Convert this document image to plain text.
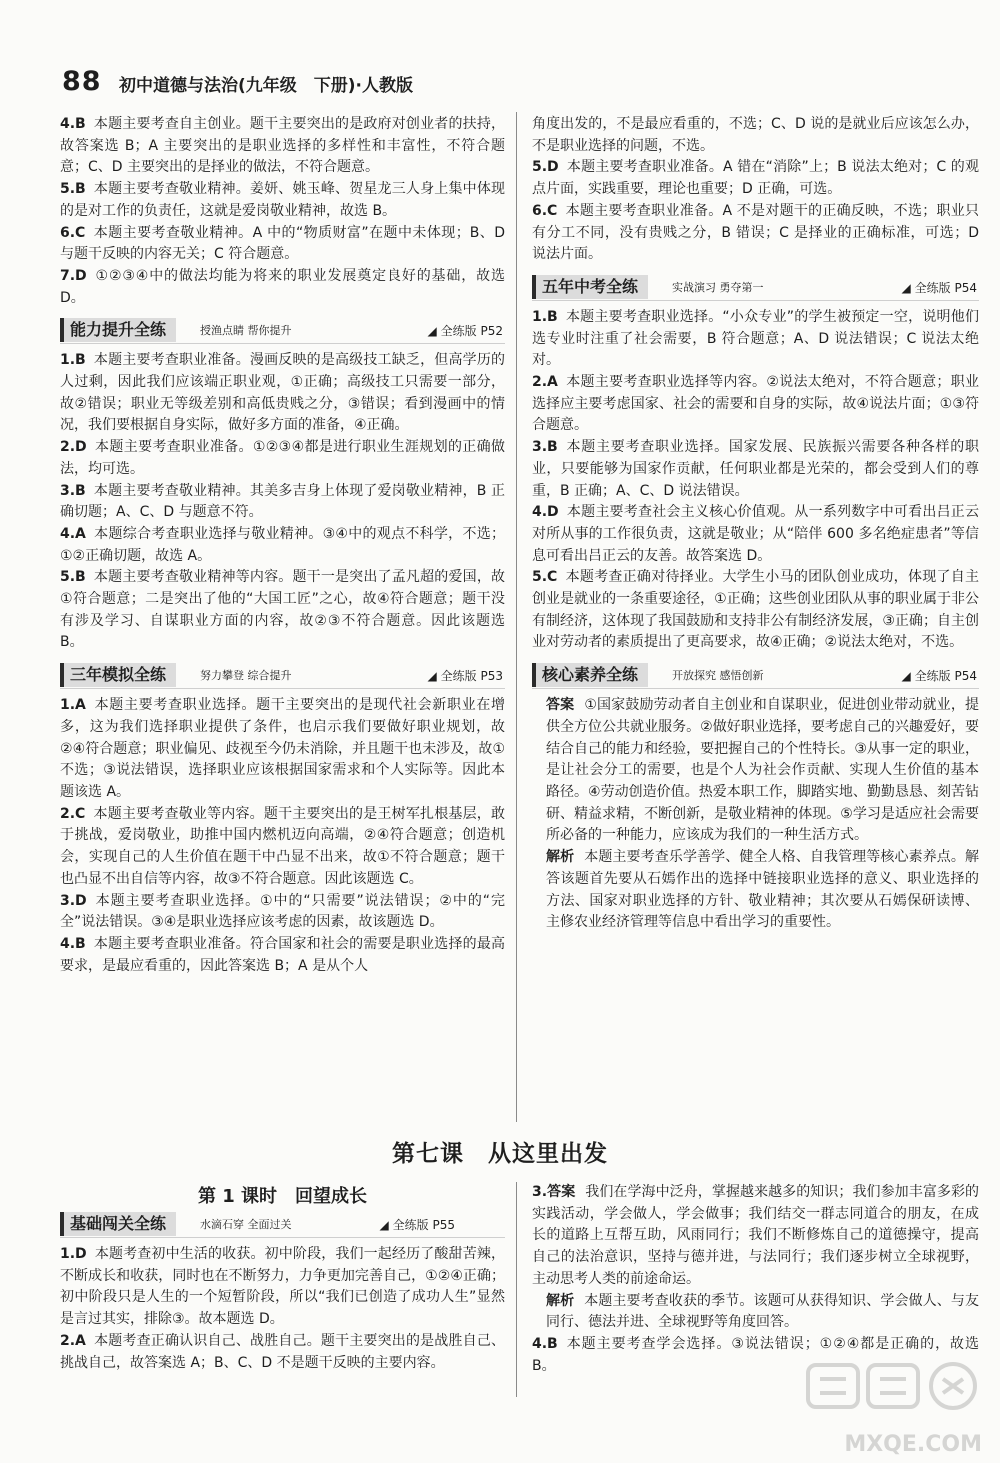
88 初中道德与法治(九年级　下册)·人教版

4.B 本题主要考查自主创业。题干主要突出的是政府对创业者的扶持，故答案选 B；A 主要突出的是职业选择的多样性和丰富性，不符合题意；C、D 主要突出的是择业的做法，不符合题意。

5.B 本题主要考查敬业精神。姜妍、姚玉峰、贺星龙三人身上集中体现的是对工作的负责任，这就是爱岗敬业精神，故选 B。

6.C 本题主要考查敬业精神。A 中的“物质财富”在题中未体现；B、D 与题干反映的内容无关；C 符合题意。

7.D ①②③④中的做法均能为将来的职业发展奠定良好的基础，故选 D。

能力提升全练	授渔点睛 帮你提升	◢ 全练版 P52

1.B 本题主要考查职业准备。漫画反映的是高级技工缺乏，但高学历的人过剩，因此我们应该端正职业观，①正确；高级技工只需要一部分，故②错误；职业无等级差别和高低贵贱之分，③错误；看到漫画中的情况，我们要根据自身实际，做好多方面的准备，④正确。

2.D 本题主要考查职业准备。①②③④都是进行职业生涯规划的正确做法，均可选。

3.B 本题主要考查敬业精神。其美多吉身上体现了爱岗敬业精神，B 正确切题；A、C、D 与题意不符。

4.A 本题综合考查职业选择与敬业精神。③④中的观点不科学，不选；①②正确切题，故选 A。

5.B 本题主要考查敬业精神等内容。题干一是突出了孟凡超的爱国，故①符合题意；二是突出了他的“大国工匠”之心，故④符合题意；题干没有涉及学习、自谋职业方面的内容，故②③不符合题意。因此该题选 B。

三年模拟全练	努力攀登 综合提升	◢ 全练版 P53

1.A 本题主要考查职业选择。题干主要突出的是现代社会新职业在增多，这为我们选择职业提供了条件，也启示我们要做好职业规划，故②④符合题意；职业偏见、歧视至今仍未消除，并且题干也未涉及，故①不选；③说法错误，选择职业应该根据国家需求和个人实际等。因此本题该选 A。

2.C 本题主要考查敬业等内容。题干主要突出的是王树军扎根基层，敢于挑战，爱岗敬业，助推中国内燃机迈向高端，②④符合题意；创造机会，实现自己的人生价值在题干中凸显不出来，故①不符合题意；题干也凸显不出自信等内容，故③不符合题意。因此该题选 C。

3.D 本题主要考查职业选择。①中的“只需要”说法错误；②中的“完全”说法错误。③④是职业选择应该考虑的因素，故该题选 D。

4.B 本题主要考查职业准备。符合国家和社会的需要是职业选择的最高要求，是最应看重的，因此答案选 B；A 是从个人

角度出发的，不是最应看重的，不选；C、D 说的是就业后应该怎么办，不是职业选择的问题，不选。

5.D 本题主要考查职业准备。A 错在“消除”上；B 说法太绝对；C 的观点片面，实践重要，理论也重要；D 正确，可选。

6.C 本题主要考查职业准备。A 不是对题干的正确反映，不选；职业只有分工不同，没有贵贱之分，B 错误；C 是择业的正确标准，可选；D 说法片面。

五年中考全练	实战演习 勇夺第一	◢ 全练版 P54

1.B 本题主要考查职业选择。“小众专业”的学生被预定一空，说明他们选专业时注重了社会需要，B 符合题意；A、D 说法错误；C 说法太绝对。

2.A 本题主要考查职业选择等内容。②说法太绝对，不符合题意；职业选择应主要考虑国家、社会的需要和自身的实际，故④说法片面；①③符合题意。

3.B 本题主要考查职业选择。国家发展、民族振兴需要各种各样的职业，只要能够为国家作贡献，任何职业都是光荣的，都会受到人们的尊重，B 正确；A、C、D 说法错误。

4.D 本题主要考查社会主义核心价值观。从一系列数字中可看出吕正云对所从事的工作很负责，这就是敬业；从“陪伴 600 多名绝症患者”等信息可看出吕正云的友善。故答案选 D。

5.C 本题考查正确对待择业。大学生小马的团队创业成功，体现了自主创业是就业的一条重要途径，①正确；这些创业团队从事的职业属于非公有制经济，这体现了我国鼓励和支持非公有制经济发展，③正确；自主创业对劳动者的素质提出了更高要求，故④正确；②说法太绝对，不选。

核心素养全练	开放探究 感悟创新	◢ 全练版 P54

答案 ①国家鼓励劳动者自主创业和自谋职业，促进创业带动就业，提供全方位公共就业服务。②做好职业选择，要考虑自己的兴趣爱好，要结合自己的能力和经验，要把握自己的个性特长。③从事一定的职业，是让社会分工的需要，也是个人为社会作贡献、实现人生价值的基本路径。④劳动创造价值。热爱本职工作，脚踏实地、勤勤恳恳、刻苦钻研、精益求精，不断创新，是敬业精神的体现。⑤学习是适应社会需要所必备的一种能力，应该成为我们的一种生活方式。

解析 本题主要考查乐学善学、健全人格、自我管理等核心素养点。解答该题首先要从石嫣作出的选择中链接职业选择的意义、职业选择的方法、国家对职业选择的方针、敬业精神；其次要从石嫣保研读博、主修农业经济管理等信息中看出学习的重要性。

第七课　从这里出发
第 1 课时　回望成长
基础闯关全练	水滴石穿 全面过关	◢ 全练版 P55

1.D 本题考查初中生活的收获。初中阶段，我们一起经历了酸甜苦辣，不断成长和收获，同时也在不断努力，力争更加完善自己，①②④正确；初中阶段只是人生的一个短暂阶段，所以“我们已创造了成功人生”显然是言过其实，排除③。故本题选 D。

2.A 本题考查正确认识自己、战胜自己。题干主要突出的是战胜自己、挑战自己，故答案选 A；B、C、D 不是题干反映的主要内容。

3.答案 我们在学海中泛舟，掌握越来越多的知识；我们参加丰富多彩的实践活动，学会做人，学会做事；我们结交一群志同道合的朋友，在成长的道路上互帮互助，风雨同行；我们不断修炼自己的道德操守，提高自己的法治意识，坚持与德并进，与法同行；我们逐步树立全球视野，主动思考人类的前途命运。

解析 本题主要考查收获的季节。该题可从获得知识、学会做人、与友同行、德法并进、全球视野等角度回答。

4.B 本题主要考查学会选择。③说法错误；①②④都是正确的，故选 B。

MXQE.COM
